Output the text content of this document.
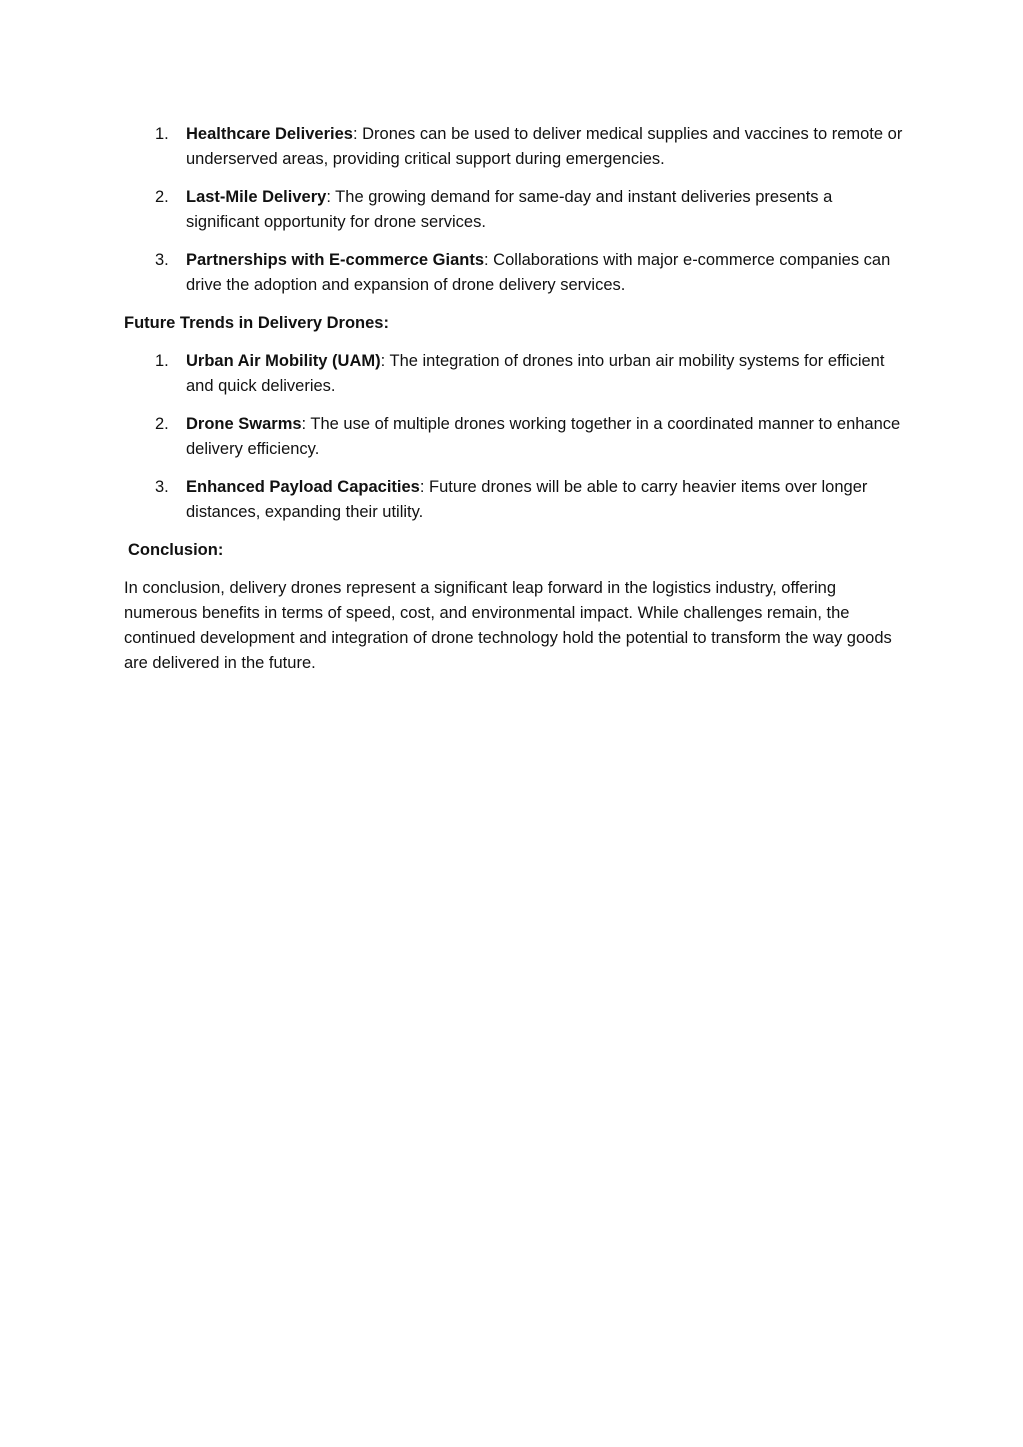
1. Healthcare Deliveries: Drones can be used to deliver medical supplies and vaccines to remote or underserved areas, providing critical support during emergencies.
2. Last-Mile Delivery: The growing demand for same-day and instant deliveries presents a significant opportunity for drone services.
3. Partnerships with E-commerce Giants: Collaborations with major e-commerce companies can drive the adoption and expansion of drone delivery services.
Future Trends in Delivery Drones:
1. Urban Air Mobility (UAM): The integration of drones into urban air mobility systems for efficient and quick deliveries.
2. Drone Swarms: The use of multiple drones working together in a coordinated manner to enhance delivery efficiency.
3. Enhanced Payload Capacities: Future drones will be able to carry heavier items over longer distances, expanding their utility.
Conclusion:

In conclusion, delivery drones represent a significant leap forward in the logistics industry, offering numerous benefits in terms of speed, cost, and environmental impact. While challenges remain, the continued development and integration of drone technology hold the potential to transform the way goods are delivered in the future.
